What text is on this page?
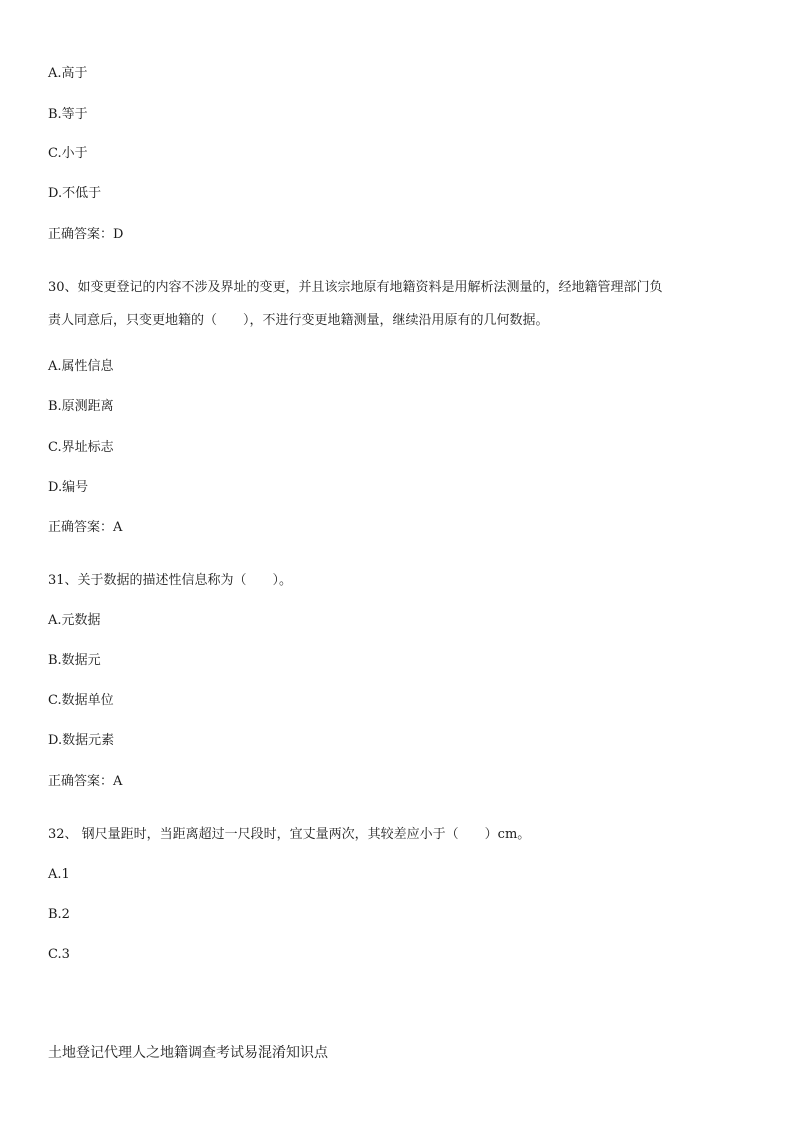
A.高于
B.等于
C.小于
D.不低于
正确答案：D
30、如变更登记的内容不涉及界址的变更，并且该宗地原有地籍资料是用解析法测量的，经地籍管理部门负
责人同意后，只变更地籍的（　　），不进行变更地籍测量，继续沿用原有的几何数据。
A.属性信息
B.原测距离
C.界址标志
D.编号
正确答案：A
31、关于数据的描述性信息称为（　　）。
A.元数据
B.数据元
C.数据单位
D.数据元素
正确答案：A
32、 钢尺量距时，当距离超过一尺段时，宜丈量两次，其较差应小于（　　）cm。
A.1
B.2
C.3
土地登记代理人之地籍调查考试易混淆知识点
